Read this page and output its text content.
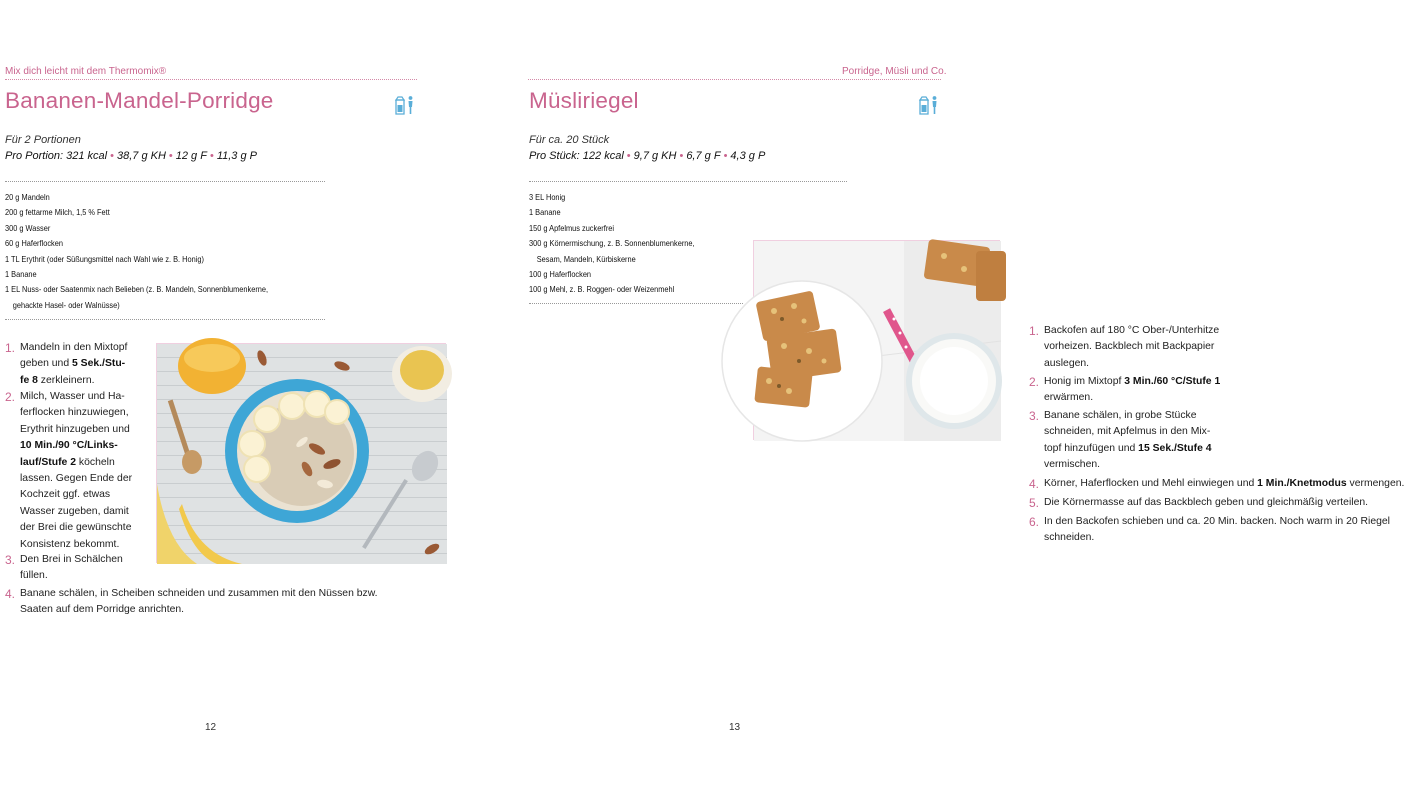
Mix dich leicht mit dem Thermomix®
Bananen-Mandel-Porridge
Für 2 Portionen
Pro Portion: 321 kcal • 38,7 g KH • 12 g F • 11,3 g P
20 g Mandeln
200 g fettarme Milch, 1,5 % Fett
300 g Wasser
60 g Haferflocken
1 TL Erythrit (oder Süßungsmittel nach Wahl wie z. B. Honig)
1 Banane
1 EL Nuss- oder Saatenmix nach Belieben (z. B. Mandeln, Sonnenblumenkerne,
gehackte Hasel- oder Walnüsse)
1. Mandeln in den Mixtopf
geben und 5 Sek./Stu-
fe 8 zerkleinern.
2. Milch, Wasser und Ha-
ferflocken hinzuwiegen,
Erythrit hinzugeben und
10 Min./90 °C/Links-
lauf/Stufe 2 köcheln
lassen. Gegen Ende der
Kochzeit ggf. etwas
Wasser zugeben, damit
der Brei die gewünschte
Konsistenz bekommt.
3. Den Brei in Schälchen
füllen.
4. Banane schälen, in Scheiben schneiden und zusammen mit den Nüssen bzw.
Saaten auf dem Porridge anrichten.
12
Porridge, Müsli und Co.
Müsliriegel
Für ca. 20 Stück
Pro Stück: 122 kcal • 9,7 g KH • 6,7 g F • 4,3 g P
3 EL Honig
1 Banane
150 g Apfelmus zuckerfrei
300 g Körnermischung, z. B. Sonnenblumenkerne,
Sesam, Mandeln, Kürbiskerne
100 g Haferflocken
100 g Mehl, z. B. Roggen- oder Weizenmehl
1. Backofen auf 180 °C Ober-/Unterhitze
vorheizen. Backblech mit Backpapier
auslegen.
2. Honig im Mixtopf 3 Min./60 °C/Stufe 1
erwärmen.
3. Banane schälen, in grobe Stücke
schneiden, mit Apfelmus in den Mix-
topf hinzufügen und 15 Sek./Stufe 4
vermischen.
4. Körner, Haferflocken und Mehl einwiegen und 1 Min./Knetmodus vermengen.
5. Die Körnermasse auf das Backblech geben und gleichmäßig verteilen.
6. In den Backofen schieben und ca. 20 Min. backen. Noch warm in 20 Riegel
schneiden.
13
